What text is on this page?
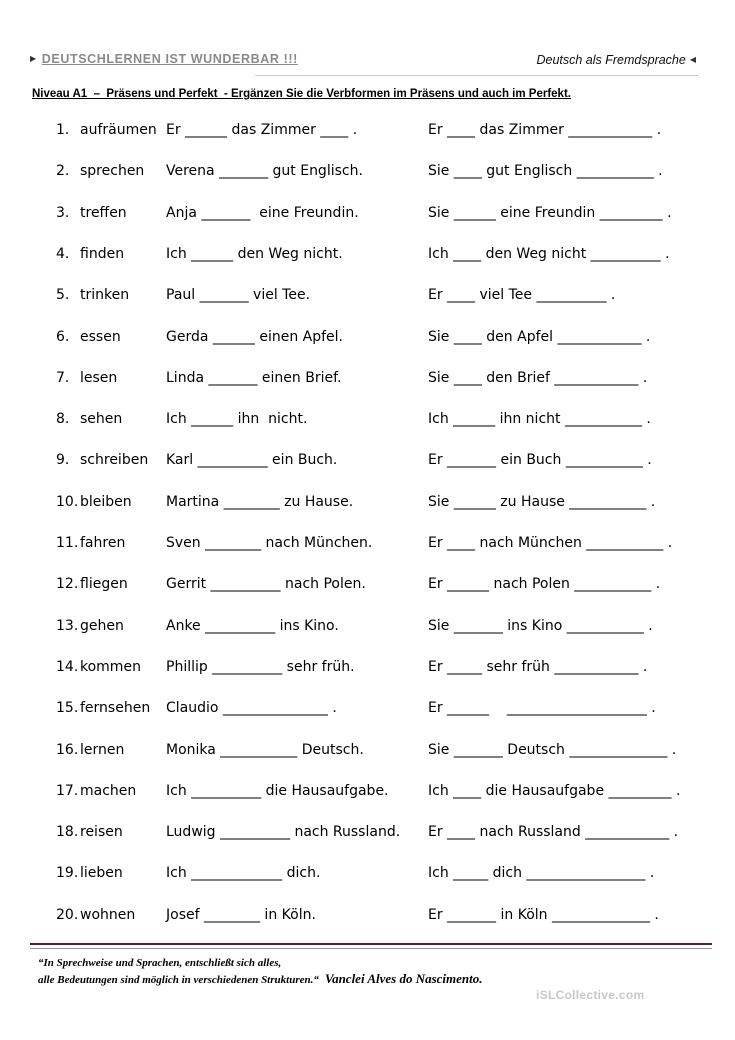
▶ DEUTSCHLERNEN IST WUNDERBAR !!!	Deutsch als Fremdsprache ◀
Niveau A1  –  Präsens und Perfekt  - Ergänzen Sie die Verbformen im Präsens und auch im Perfekt.
1. aufräumen Er ______ das Zimmer ____ .	Er ____ das Zimmer ____________ .
2. sprechen Verena _______ gut Englisch.	Sie ____ gut Englisch ___________ .
3. treffen	Anja _______  eine Freundin.	Sie ______ eine Freundin _________ .
4. finden	Ich ______ den Weg nicht.	Ich ____ den Weg nicht __________ .
5. trinken	Paul _______ viel Tee.	Er ____ viel Tee __________ .
6. essen	Gerda ______ einen Apfel.	Sie ____ den Apfel ____________ .
7. lesen	Linda _______ einen Brief.	Sie ____ den Brief ____________ .
8. sehen	Ich ______ ihn  nicht.	Ich ______ ihn nicht ___________ .
9. schreiben Karl __________ ein Buch.	Er _______ ein Buch ___________ .
10. bleiben Martina ________ zu Hause.	Sie ______ zu Hause ___________ .
11. fahren	Sven ________ nach München.	Er ____ nach München ___________ .
12. fliegen	Gerrit __________ nach Polen.	Er ______ nach Polen ___________ .
13. gehen	Anke __________ ins Kino.	Sie _______ ins Kino ___________ .
14. kommen Phillip __________ sehr früh.	Er _____ sehr früh ____________ .
15. fernsehen Claudio _______________ .	Er ______    ____________________ .
16. lernen	Monika ___________ Deutsch.	Sie _______ Deutsch ______________ .
17. machen Ich __________ die Hausaufgabe.	Ich ____ die Hausaufgabe _________ .
18. reisen	Ludwig __________ nach Russland. Er ____ nach Russland ____________ .
19. lieben	Ich _____________ dich.	Ich _____ dich _________________ .
20. wohnen Josef ________ in Köln.	Er _______ in Köln ______________ .
“In Sprechweise und Sprachen, entschließt sich alles,
alle Bedeutungen sind möglich in verschiedenen Strukturen.“ Vanclei Alves do Nascimento.
iSLCollective.com
